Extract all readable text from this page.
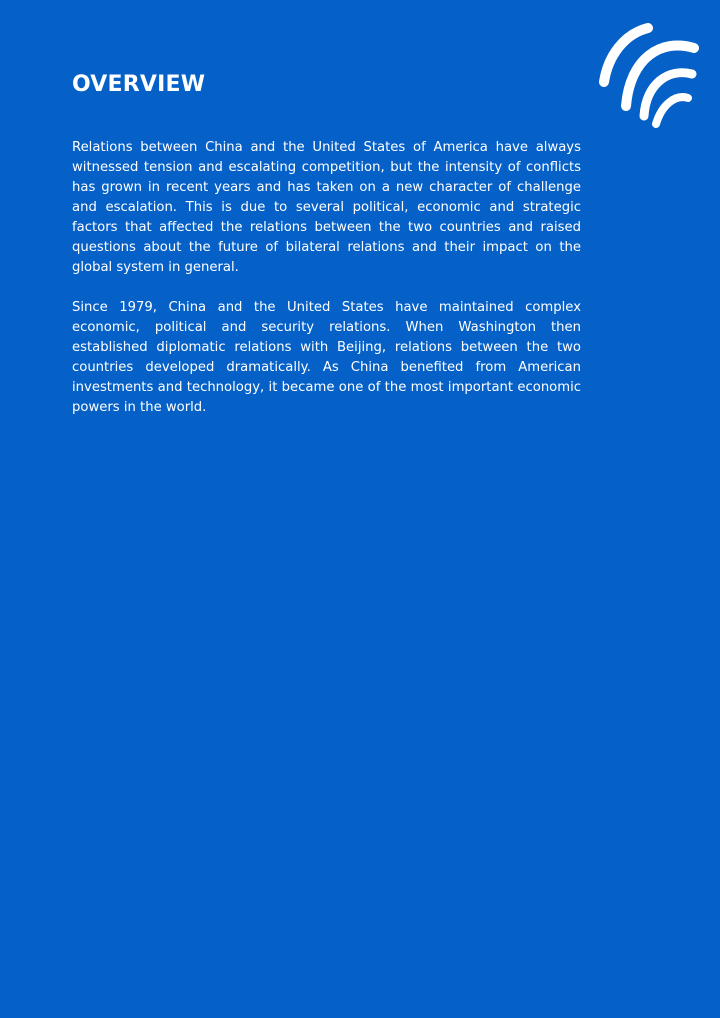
OVERVIEW

Relations between China and the United States of America have always witnessed tension and escalating competition, but the intensity of conflicts has grown in recent years and has taken on a new character of challenge and escalation. This is due to several political, economic and strategic factors that affected the relations between the two countries and raised questions about the future of bilateral relations and their impact on the global system in general.

Since 1979, China and the United States have maintained complex economic, political and security relations. When Washington then established diplomatic relations with Beijing, relations between the two countries developed dramatically. As China benefited from American investments and technology, it became one of the most important economic powers in the world.
